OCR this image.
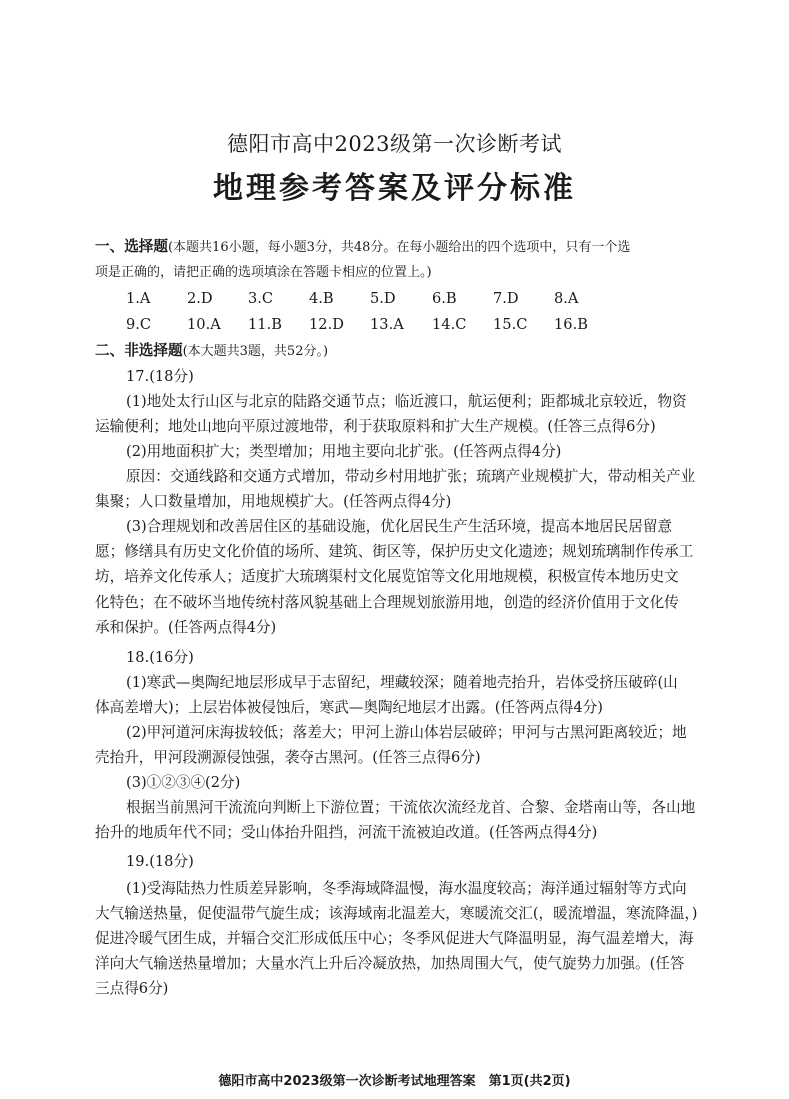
德阳市高中2023级第一次诊断考试
地理参考答案及评分标准
一、选择题(本题共16小题，每小题3分，共48分。在每小题给出的四个选项中，只有一个选
项是正确的，请把正确的选项填涂在答题卡相应的位置上。)
1.A	2.D 3.C 4.B 5.D 6.B 7.D 8.A
9.C 10.A 11.B 12.D 13.A 14.C 15.C 16.B
二、非选择题(本大题共3题，共52分。)
17.(18分)
(1)地处太行山区与北京的陆路交通节点；临近渡口，航运便利；距都城北京较近，物资
运输便利；地处山地向平原过渡地带，利于获取原料和扩大生产规模。(任答三点得6分)
(2)用地面积扩大；类型增加；用地主要向北扩张。(任答两点得4分)
原因：交通线路和交通方式增加，带动乡村用地扩张；琉璃产业规模扩大，带动相关产业
集聚；人口数量增加，用地规模扩大。(任答两点得4分)
(3)合理规划和改善居住区的基础设施，优化居民生产生活环境，提高本地居民居留意
愿；修缮具有历史文化价值的场所、建筑、街区等，保护历史文化遗迹；规划琉璃制作传承工
坊，培养文化传承人；适度扩大琉璃渠村文化展览馆等文化用地规模，积极宣传本地历史文
化特色；在不破坏当地传统村落风貌基础上合理规划旅游用地，创造的经济价值用于文化传
承和保护。(任答两点得4分)
18.(16分)
(1)寒武—奥陶纪地层形成早于志留纪，埋藏较深；随着地壳抬升，岩体受挤压破碎(山
体高差增大)；上层岩体被侵蚀后，寒武—奥陶纪地层才出露。(任答两点得4分)
(2)甲河道河床海拔较低；落差大；甲河上游山体岩层破碎；甲河与古黑河距离较近；地
壳抬升，甲河段溯源侵蚀强，袭夺古黑河。(任答三点得6分)
(3)①②③④(2分)
根据当前黑河干流流向判断上下游位置；干流依次流经龙首、合黎、金塔南山等，各山地
抬升的地质年代不同；受山体抬升阻挡，河流干流被迫改道。(任答两点得4分)
19.(18分)
(1)受海陆热力性质差异影响，冬季海域降温慢，海水温度较高；海洋通过辐射等方式向
大气输送热量，促使温带气旋生成；该海域南北温差大，寒暖流交汇(，暖流增温，寒流降温，)
促进冷暖气团生成，并辐合交汇形成低压中心；冬季风促进大气降温明显，海气温差增大，海
洋向大气输送热量增加；大量水汽上升后冷凝放热，加热周围大气，使气旋势力加强。(任答
三点得6分)
德阳市高中2023级第一次诊断考试地理答案　第1页(共2页)
